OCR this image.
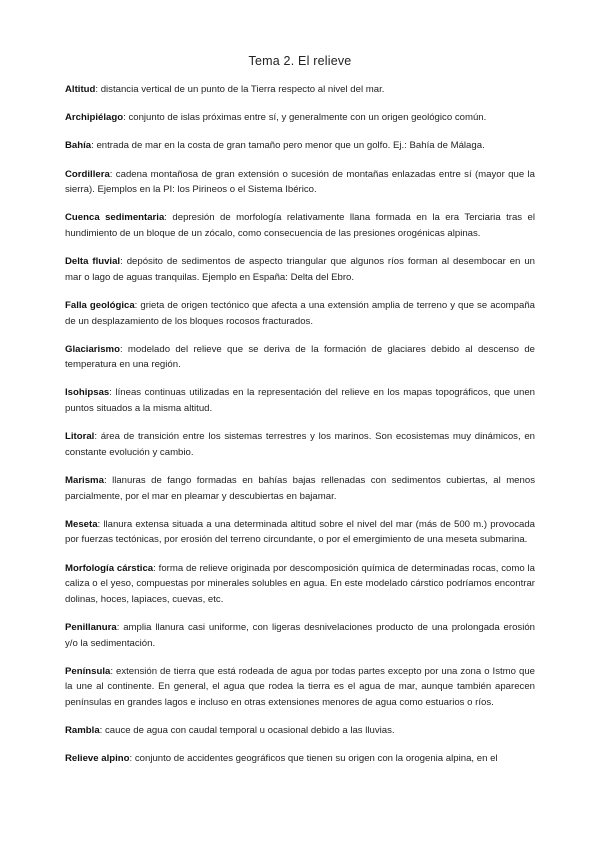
Tema 2. El relieve

Altitud: distancia vertical de un punto de la Tierra respecto al nivel del mar.

Archipiélago: conjunto de islas próximas entre sí, y generalmente con un origen geológico común.

Bahía: entrada de mar en la costa de gran tamaño pero menor que un golfo. Ej.: Bahía de Málaga.

Cordillera: cadena montañosa de gran extensión o sucesión de montañas enlazadas entre sí (mayor que la sierra). Ejemplos en la PI: los Pirineos o el Sistema Ibérico.

Cuenca sedimentaria: depresión de morfología relativamente llana formada en la era Terciaria tras el hundimiento de un bloque de un zócalo, como consecuencia de las presiones orogénicas alpinas.

Delta fluvial: depósito de sedimentos de aspecto triangular que algunos ríos forman al desembocar en un mar o lago de aguas tranquilas. Ejemplo en España: Delta del Ebro.

Falla geológica: grieta de origen tectónico que afecta a una extensión amplia de terreno y que se acompaña de un desplazamiento de los bloques rocosos fracturados.

Glaciarismo: modelado del relieve que se deriva de la formación de glaciares debido al descenso de temperatura en una región.

Isohipsas: líneas continuas utilizadas en la representación del relieve en los mapas topográficos, que unen puntos situados a la misma altitud.

Litoral: área de transición entre los sistemas terrestres y los marinos. Son ecosistemas muy dinámicos, en constante evolución y cambio.

Marisma: llanuras de fango formadas en bahías bajas rellenadas con sedimentos cubiertas, al menos parcialmente, por el mar en pleamar y descubiertas en bajamar.

Meseta: llanura extensa situada a una determinada altitud sobre el nivel del mar (más de 500 m.) provocada por fuerzas tectónicas, por erosión del terreno circundante, o por el emergimiento de una meseta submarina.

Morfología cárstica: forma de relieve originada por descomposición química de determinadas rocas, como la caliza o el yeso, compuestas por minerales solubles en agua. En este modelado cárstico podríamos encontrar dolinas, hoces, lapiaces, cuevas, etc.

Penillanura: amplia llanura casi uniforme, con ligeras desnivelaciones producto de una prolongada erosión y/o la sedimentación.

Península: extensión de tierra que está rodeada de agua por todas partes excepto por una zona o Istmo que la une al continente. En general, el agua que rodea la tierra es el agua de mar, aunque también aparecen penínsulas en grandes lagos e incluso en otras extensiones menores de agua como estuarios o ríos.

Rambla: cauce de agua con caudal temporal u ocasional debido a las lluvias.

Relieve alpino: conjunto de accidentes geográficos que tienen su origen con la orogenia alpina, en el
